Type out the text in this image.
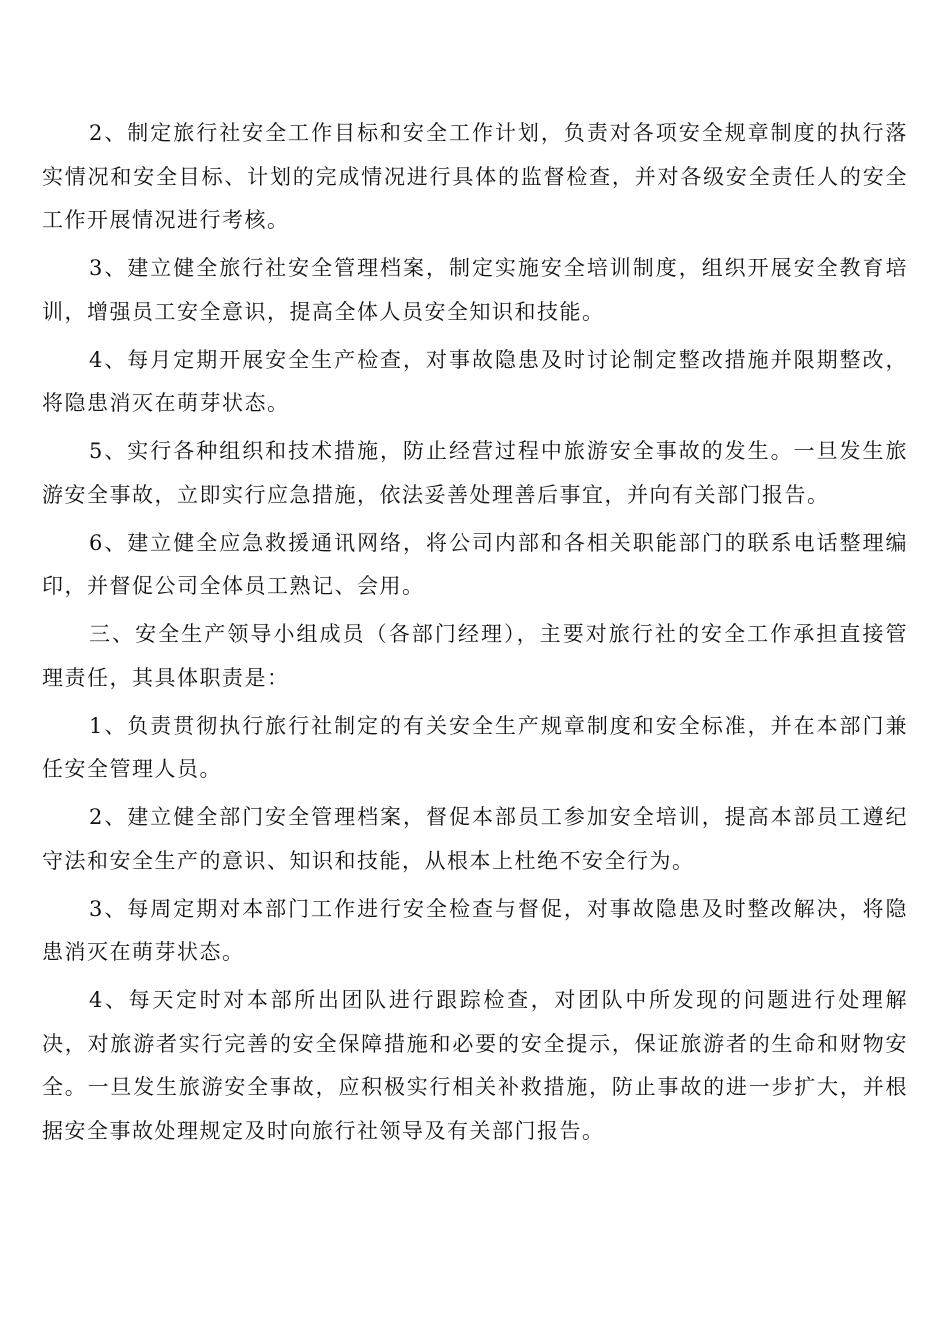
2、制定旅行社安全工作目标和安全工作计划，负责对各项安全规章制度的执行落实情况和安全目标、计划的完成情况进行具体的监督检查，并对各级安全责任人的安全工作开展情况进行考核。

3、建立健全旅行社安全管理档案，制定实施安全培训制度，组织开展安全教育培训，增强员工安全意识，提高全体人员安全知识和技能。

4、每月定期开展安全生产检查，对事故隐患及时讨论制定整改措施并限期整改，将隐患消灭在萌芽状态。

5、实行各种组织和技术措施，防止经营过程中旅游安全事故的发生。一旦发生旅游安全事故，立即实行应急措施，依法妥善处理善后事宜，并向有关部门报告。

6、建立健全应急救援通讯网络，将公司内部和各相关职能部门的联系电话整理编印，并督促公司全体员工熟记、会用。

三、安全生产领导小组成员（各部门经理），主要对旅行社的安全工作承担直接管理责任，其具体职责是：

1、负责贯彻执行旅行社制定的有关安全生产规章制度和安全标准，并在本部门兼任安全管理人员。

2、建立健全部门安全管理档案，督促本部员工参加安全培训，提高本部员工遵纪守法和安全生产的意识、知识和技能，从根本上杜绝不安全行为。

3、每周定期对本部门工作进行安全检查与督促，对事故隐患及时整改解决，将隐患消灭在萌芽状态。

4、每天定时对本部所出团队进行跟踪检查，对团队中所发现的问题进行处理解决，对旅游者实行完善的安全保障措施和必要的安全提示，保证旅游者的生命和财物安全。一旦发生旅游安全事故，应积极实行相关补救措施，防止事故的进一步扩大，并根据安全事故处理规定及时向旅行社领导及有关部门报告。
